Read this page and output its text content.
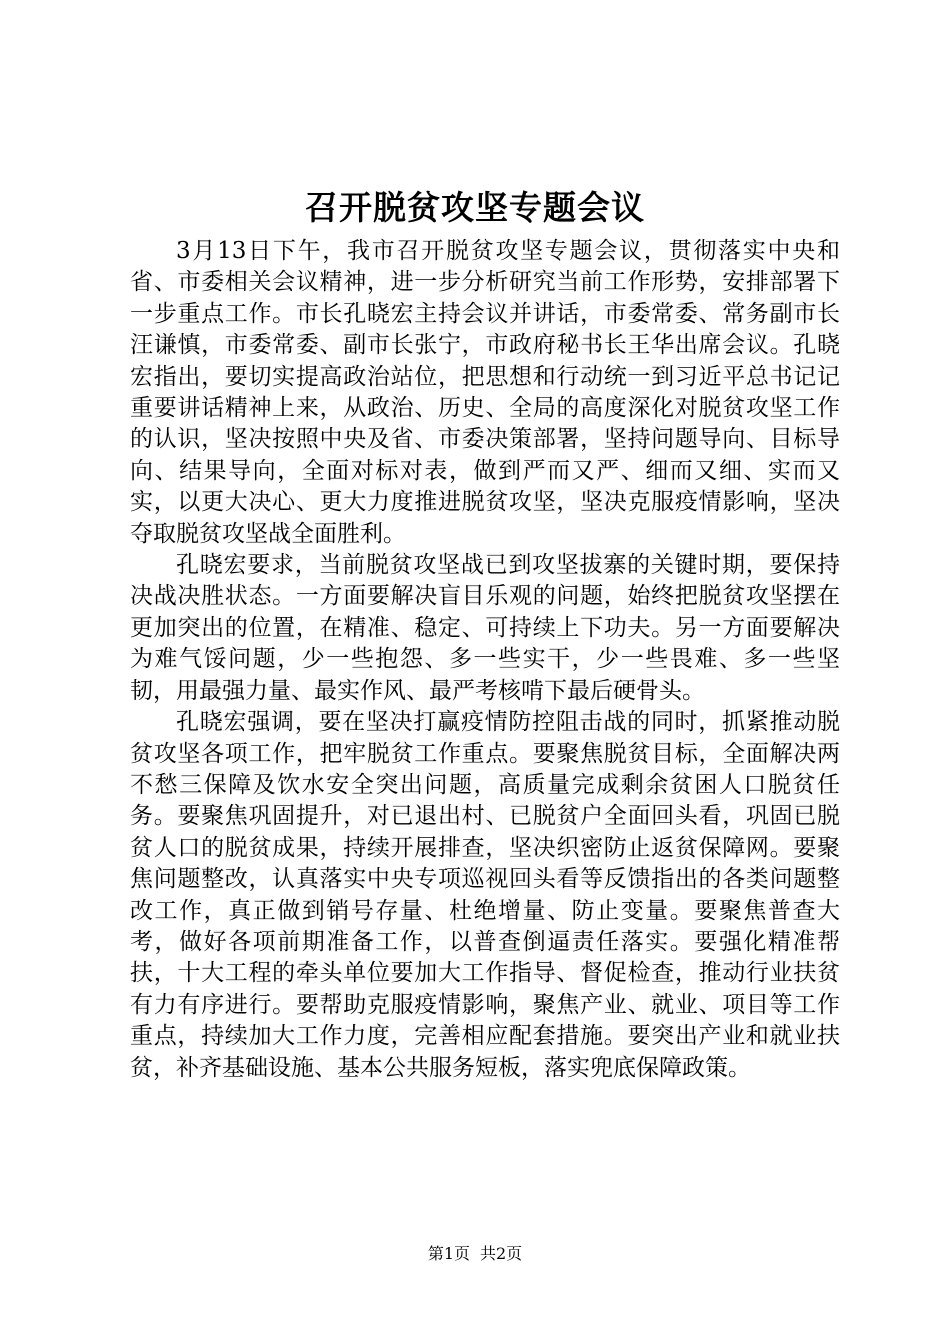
召开脱贫攻坚专题会议

3月13日下午，我市召开脱贫攻坚专题会议，贯彻落实中央和省、市委相关会议精神，进一步分析研究当前工作形势，安排部署下一步重点工作。市长孔晓宏主持会议并讲话，市委常委、常务副市长汪谦慎，市委常委、副市长张宁，市政府秘书长王华出席会议。孔晓宏指出，要切实提高政治站位，把思想和行动统一到习近平总书记记重要讲话精神上来，从政治、历史、全局的高度深化对脱贫攻坚工作的认识，坚决按照中央及省、市委决策部署，坚持问题导向、目标导向、结果导向，全面对标对表，做到严而又严、细而又细、实而又实，以更大决心、更大力度推进脱贫攻坚，坚决克服疫情影响，坚决夺取脱贫攻坚战全面胜利。

孔晓宏要求，当前脱贫攻坚战已到攻坚拔寨的关键时期，要保持决战决胜状态。一方面要解决盲目乐观的问题，始终把脱贫攻坚摆在更加突出的位置，在精准、稳定、可持续上下功夫。另一方面要解决为难气馁问题，少一些抱怨、多一些实干，少一些畏难、多一些坚韧，用最强力量、最实作风、最严考核啃下最后硬骨头。

孔晓宏强调，要在坚决打赢疫情防控阻击战的同时，抓紧推动脱贫攻坚各项工作，把牢脱贫工作重点。要聚焦脱贫目标，全面解决两不愁三保障及饮水安全突出问题，高质量完成剩余贫困人口脱贫任务。要聚焦巩固提升，对已退出村、已脱贫户全面回头看，巩固已脱贫人口的脱贫成果，持续开展排查，坚决织密防止返贫保障网。要聚焦问题整改，认真落实中央专项巡视回头看等反馈指出的各类问题整改工作，真正做到销号存量、杜绝增量、防止变量。要聚焦普查大考，做好各项前期准备工作，以普查倒逼责任落实。要强化精准帮扶，十大工程的牵头单位要加大工作指导、督促检查，推动行业扶贫有力有序进行。要帮助克服疫情影响，聚焦产业、就业、项目等工作重点，持续加大工作力度，完善相应配套措施。要突出产业和就业扶贫，补齐基础设施、基本公共服务短板，落实兜底保障政策。

第1页 共2页
